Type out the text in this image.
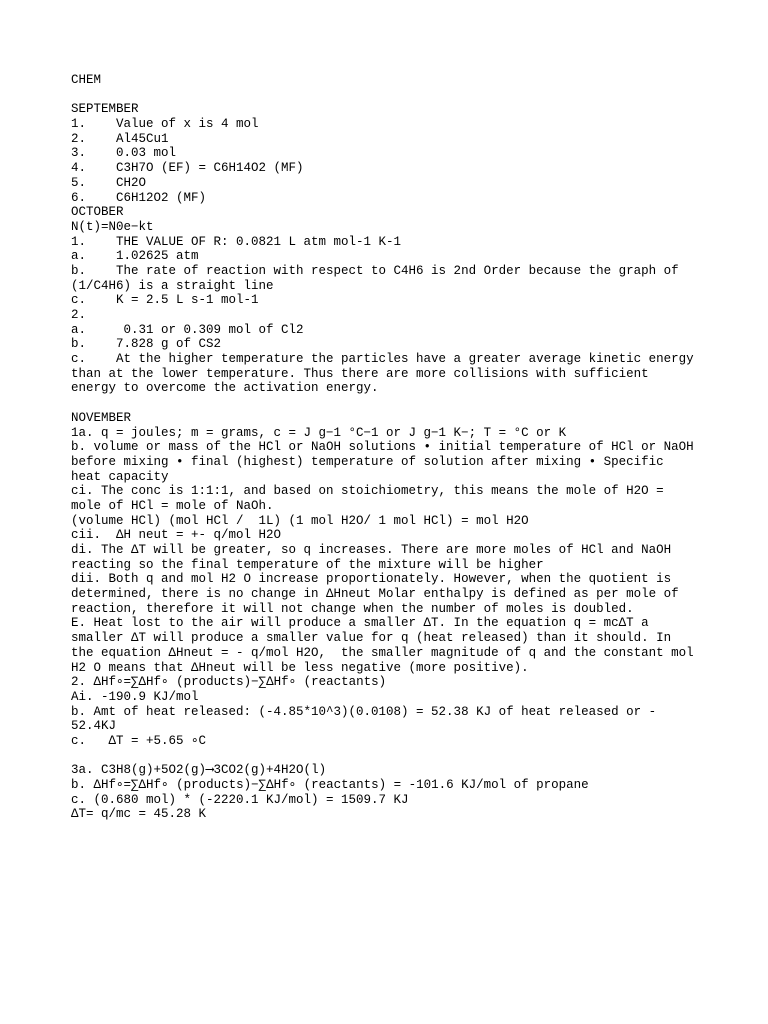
CHEM
SEPTEMBER
1.    Value of x is 4 mol
2.    Al45Cu1
3.    0.03 mol
4.    C3H7O (EF) = C6H14O2 (MF)
5.    CH2O
6.    C6H12O2 (MF)
OCTOBER
N(t)=N0e−kt
1.    THE VALUE OF R: 0.0821 L atm mol-1 K-1
a.    1.02625 atm
b.    The rate of reaction with respect to C4H6 is 2nd Order because the graph of
(1/C4H6) is a straight line
c.    K = 2.5 L s-1 mol-1
2.
a.     0.31 or 0.309 mol of Cl2
b.    7.828 g of CS2
c.    At the higher temperature the particles have a greater average kinetic energy
than at the lower temperature. Thus there are more collisions with sufficient
energy to overcome the activation energy.
NOVEMBER
1a. q = joules; m = grams, c = J g−1 °C−1 or J g−1 K−; T = °C or K
b. volume or mass of the HCl or NaOH solutions • initial temperature of HCl or NaOH
before mixing • final (highest) temperature of solution after mixing • Specific
heat capacity
ci. The conc is 1:1:1, and based on stoichiometry, this means the mole of H2O =
mole of HCl = mole of NaOh.
(volume HCl) (mol HCl /  1L) (1 mol H2O/ 1 mol HCl) = mol H2O
cii.  ΔH neut = +- q/mol H2O
di. The ΔT will be greater, so q increases. There are more moles of HCl and NaOH
reacting so the final temperature of the mixture will be higher
dii. Both q and mol H2 O increase proportionately. However, when the quotient is
determined, there is no change in ΔHneut Molar enthalpy is defined as per mole of
reaction, therefore it will not change when the number of moles is doubled.
E. Heat lost to the air will produce a smaller ΔT. In the equation q = mcΔT a
smaller ΔT will produce a smaller value for q (heat released) than it should. In
the equation ΔHneut = - q/mol H2O,  the smaller magnitude of q and the constant mol
H2 O means that ΔHneut will be less negative (more positive).
2. ΔHf∘=∑ΔHf∘ (products)−∑ΔHf∘ (reactants)
Ai. -190.9 KJ/mol
b. Amt of heat released: (-4.85*10^3)(0.0108) = 52.38 KJ of heat released or -
52.4KJ
c.   ΔT = +5.65 ∘C
3a. C3H8(g)+5O2(g)⟶3CO2(g)+4H2O(l)
b. ΔHf∘=∑ΔHf∘ (products)−∑ΔHf∘ (reactants) = -101.6 KJ/mol of propane
c. (0.680 mol) * (-2220.1 KJ/mol) = 1509.7 KJ
ΔT= q/mc = 45.28 K
